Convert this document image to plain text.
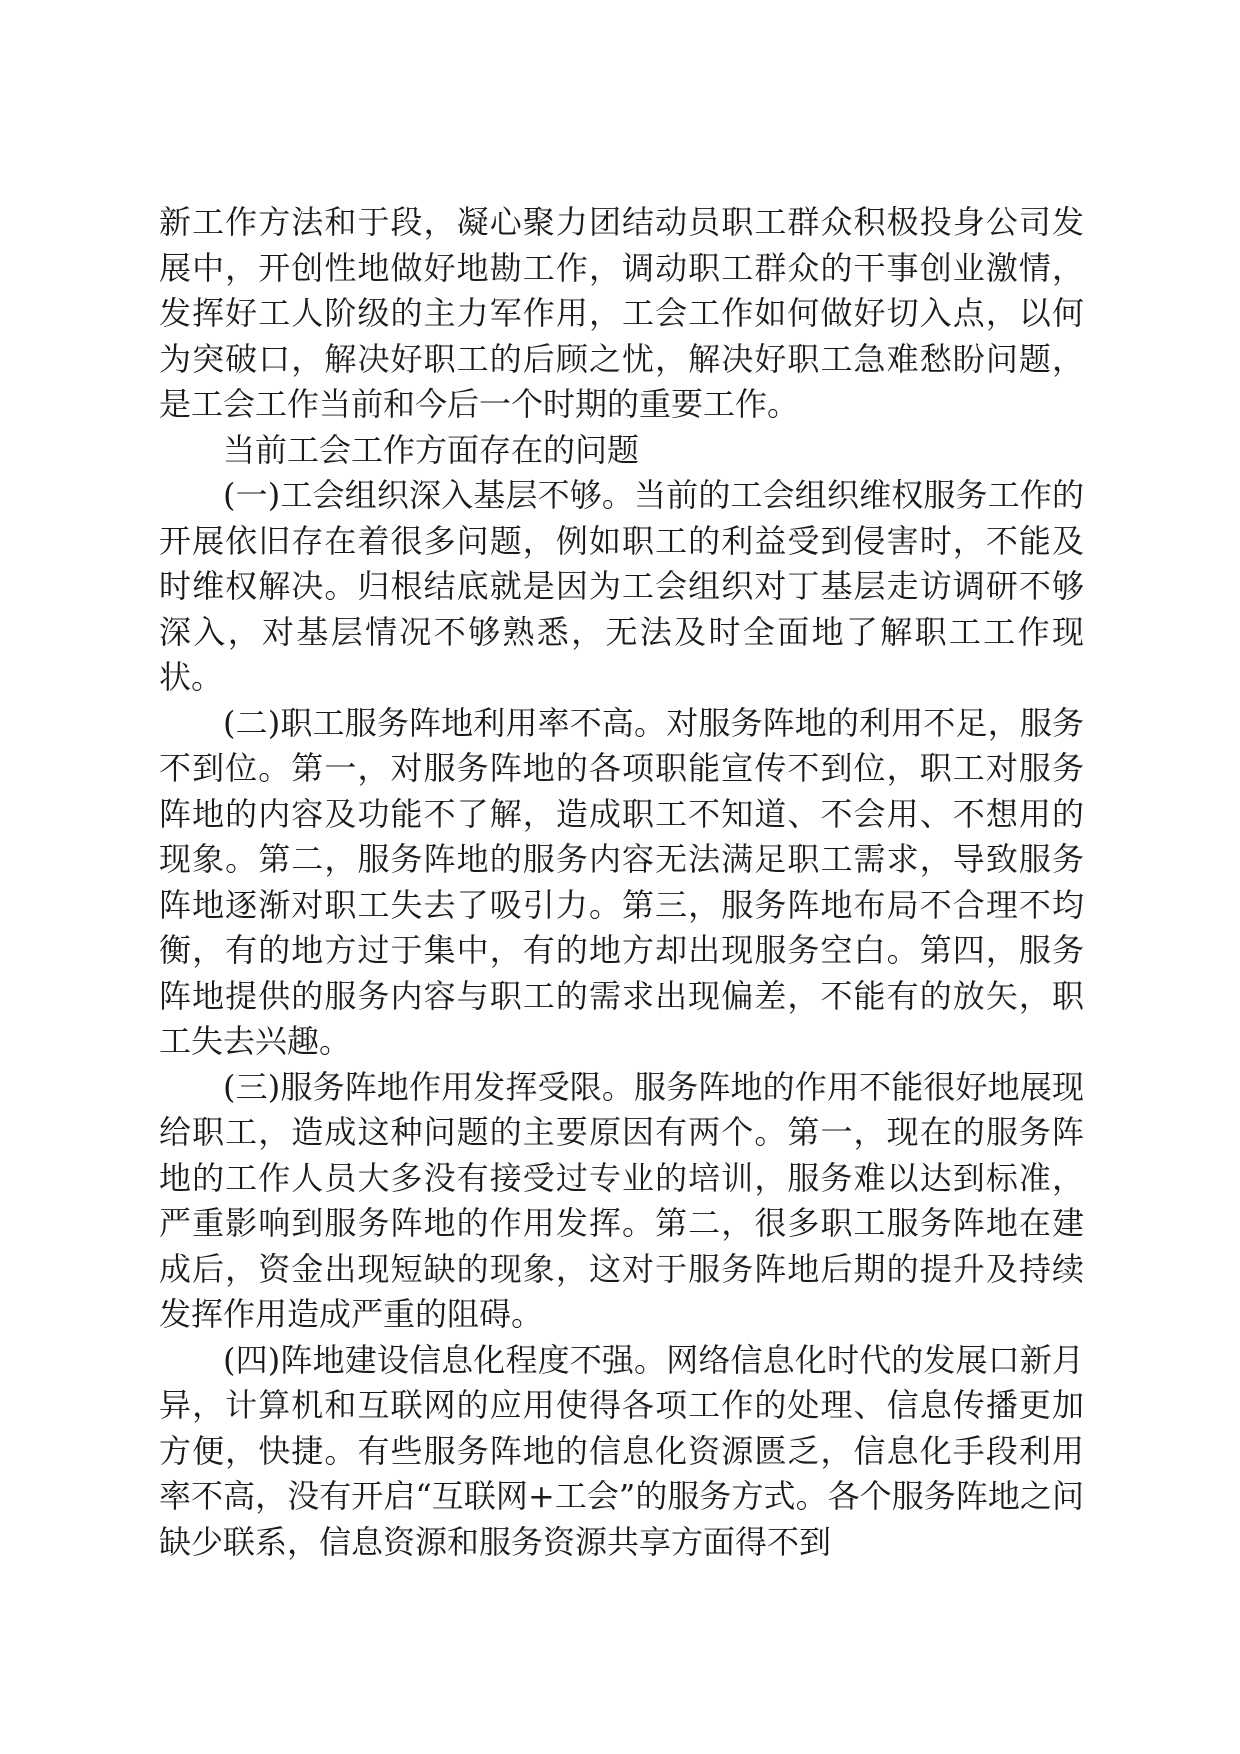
新工作方法和于段，凝心聚力团结动员职工群众积极投身公司发展中，开创性地做好地勘工作，调动职工群众的干事创业激情，发挥好工人阶级的主力军作用，工会工作如何做好切入点，以何为突破口，解决好职工的后顾之忧，解决好职工急难愁盼问题，是工会工作当前和今后一个时期的重要工作。

当前工会工作方面存在的问题

(一)工会组织深入基层不够。当前的工会组织维权服务工作的开展依旧存在着很多问题，例如职工的利益受到侵害时，不能及时维权解决。归根结底就是因为工会组织对丁基层走访调研不够深入，对基层情况不够熟悉，无法及时全面地了解职工工作现状。

(二)职工服务阵地利用率不高。对服务阵地的利用不足，服务不到位。第一，对服务阵地的各项职能宣传不到位，职工对服务阵地的内容及功能不了解，造成职工不知道、不会用、不想用的现象。第二，服务阵地的服务内容无法满足职工需求，导致服务阵地逐渐对职工失去了吸引力。第三，服务阵地布局不合理不均衡，有的地方过于集中，有的地方却出现服务空白。第四，服务阵地提供的服务内容与职工的需求出现偏差，不能有的放矢，职工失去兴趣。

(三)服务阵地作用发挥受限。服务阵地的作用不能很好地展现给职工，造成这种问题的主要原因有两个。第一，现在的服务阵地的工作人员大多没有接受过专业的培训，服务难以达到标准，严重影响到服务阵地的作用发挥。第二，很多职工服务阵地在建成后，资金出现短缺的现象，这对于服务阵地后期的提升及持续发挥作用造成严重的阻碍。

(四)阵地建设信息化程度不强。网络信息化时代的发展口新月异，计算机和互联网的应用使得各项工作的处理、信息传播更加方便，快捷。有些服务阵地的信息化资源匮乏，信息化手段利用率不高，没有开启“互联网+工会”的服务方式。各个服务阵地之问缺少联系，信息资源和服务资源共享方面得不到
